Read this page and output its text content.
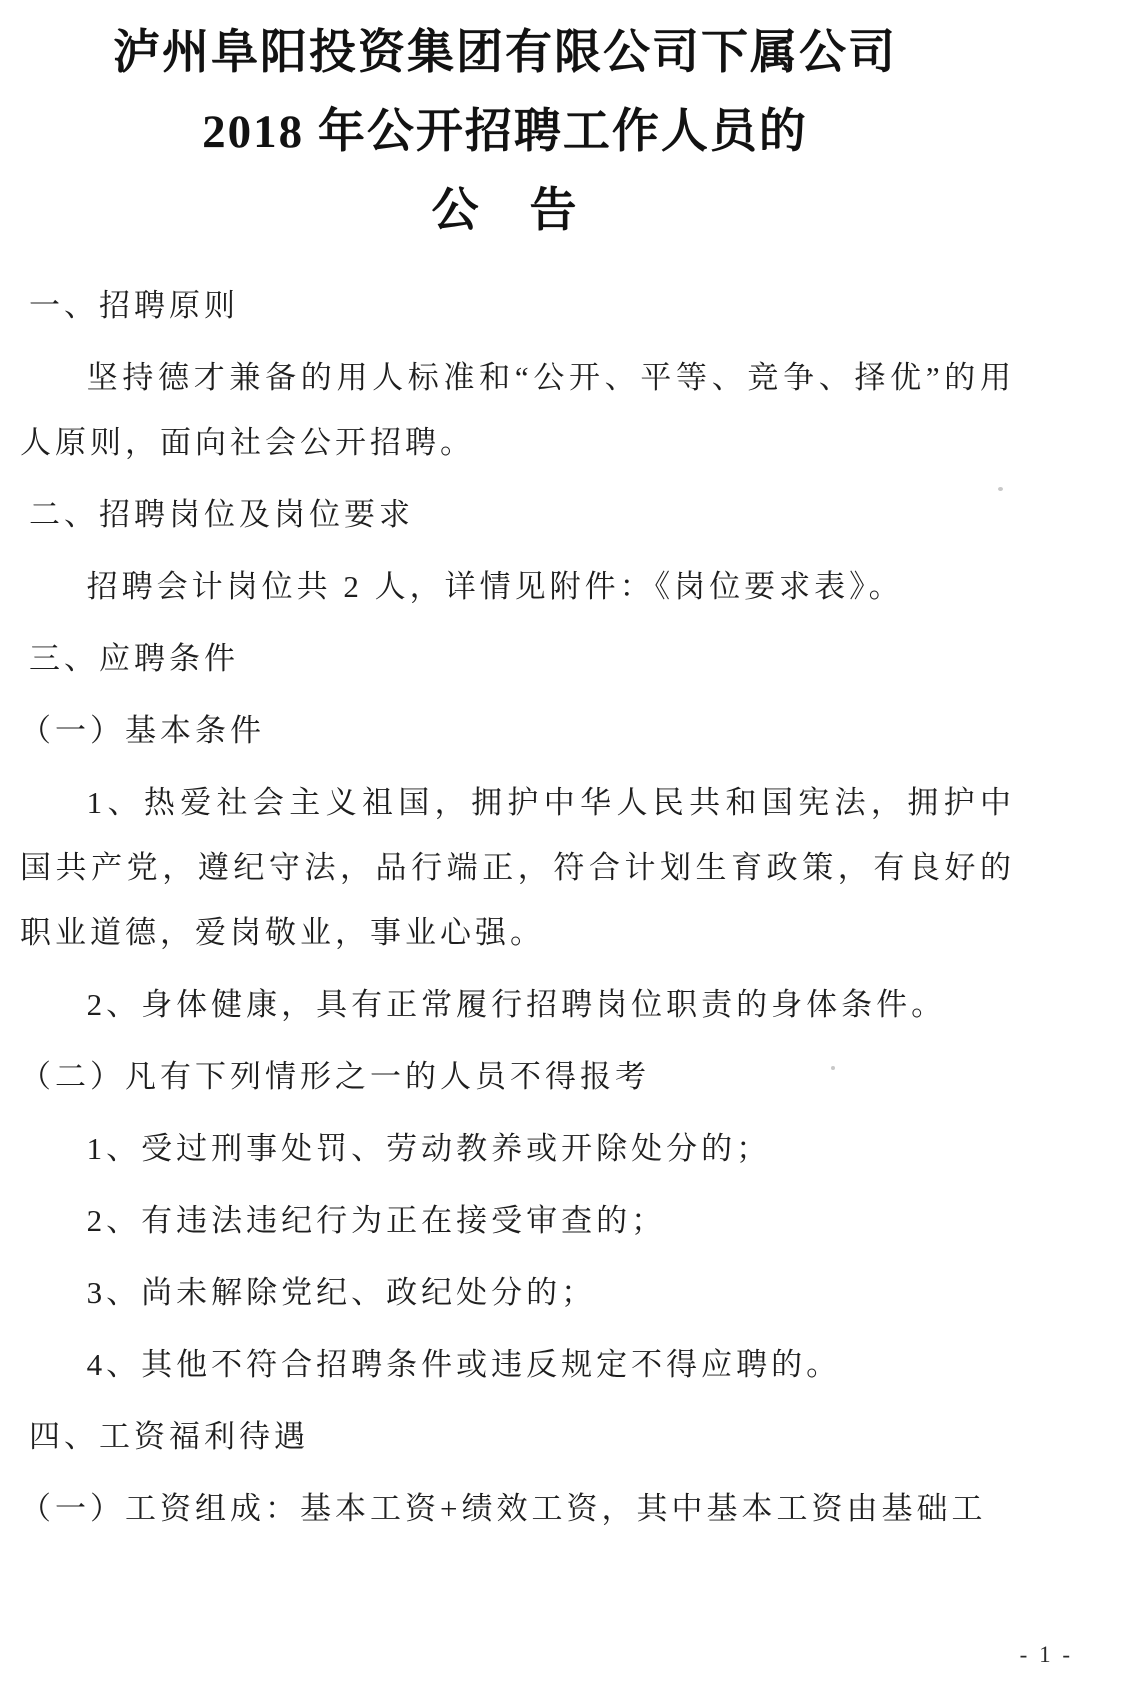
泸州阜阳投资集团有限公司下属公司
2018 年公开招聘工作人员的
公　告
一、招聘原则
坚持德才兼备的用人标准和“公开、平等、竞争、择优”的用人原则，面向社会公开招聘。
二、招聘岗位及岗位要求
招聘会计岗位共 2 人，详情见附件：《岗位要求表》。
三、应聘条件
（一）基本条件
1、热爱社会主义祖国，拥护中华人民共和国宪法，拥护中国共产党，遵纪守法，品行端正，符合计划生育政策，有良好的职业道德，爱岗敬业，事业心强。
2、身体健康，具有正常履行招聘岗位职责的身体条件。
（二）凡有下列情形之一的人员不得报考
1、受过刑事处罚、劳动教养或开除处分的；
2、有违法违纪行为正在接受审查的；
3、尚未解除党纪、政纪处分的；
4、其他不符合招聘条件或违反规定不得应聘的。
四、工资福利待遇
（一）工资组成：基本工资+绩效工资，其中基本工资由基础工
- 1 -
